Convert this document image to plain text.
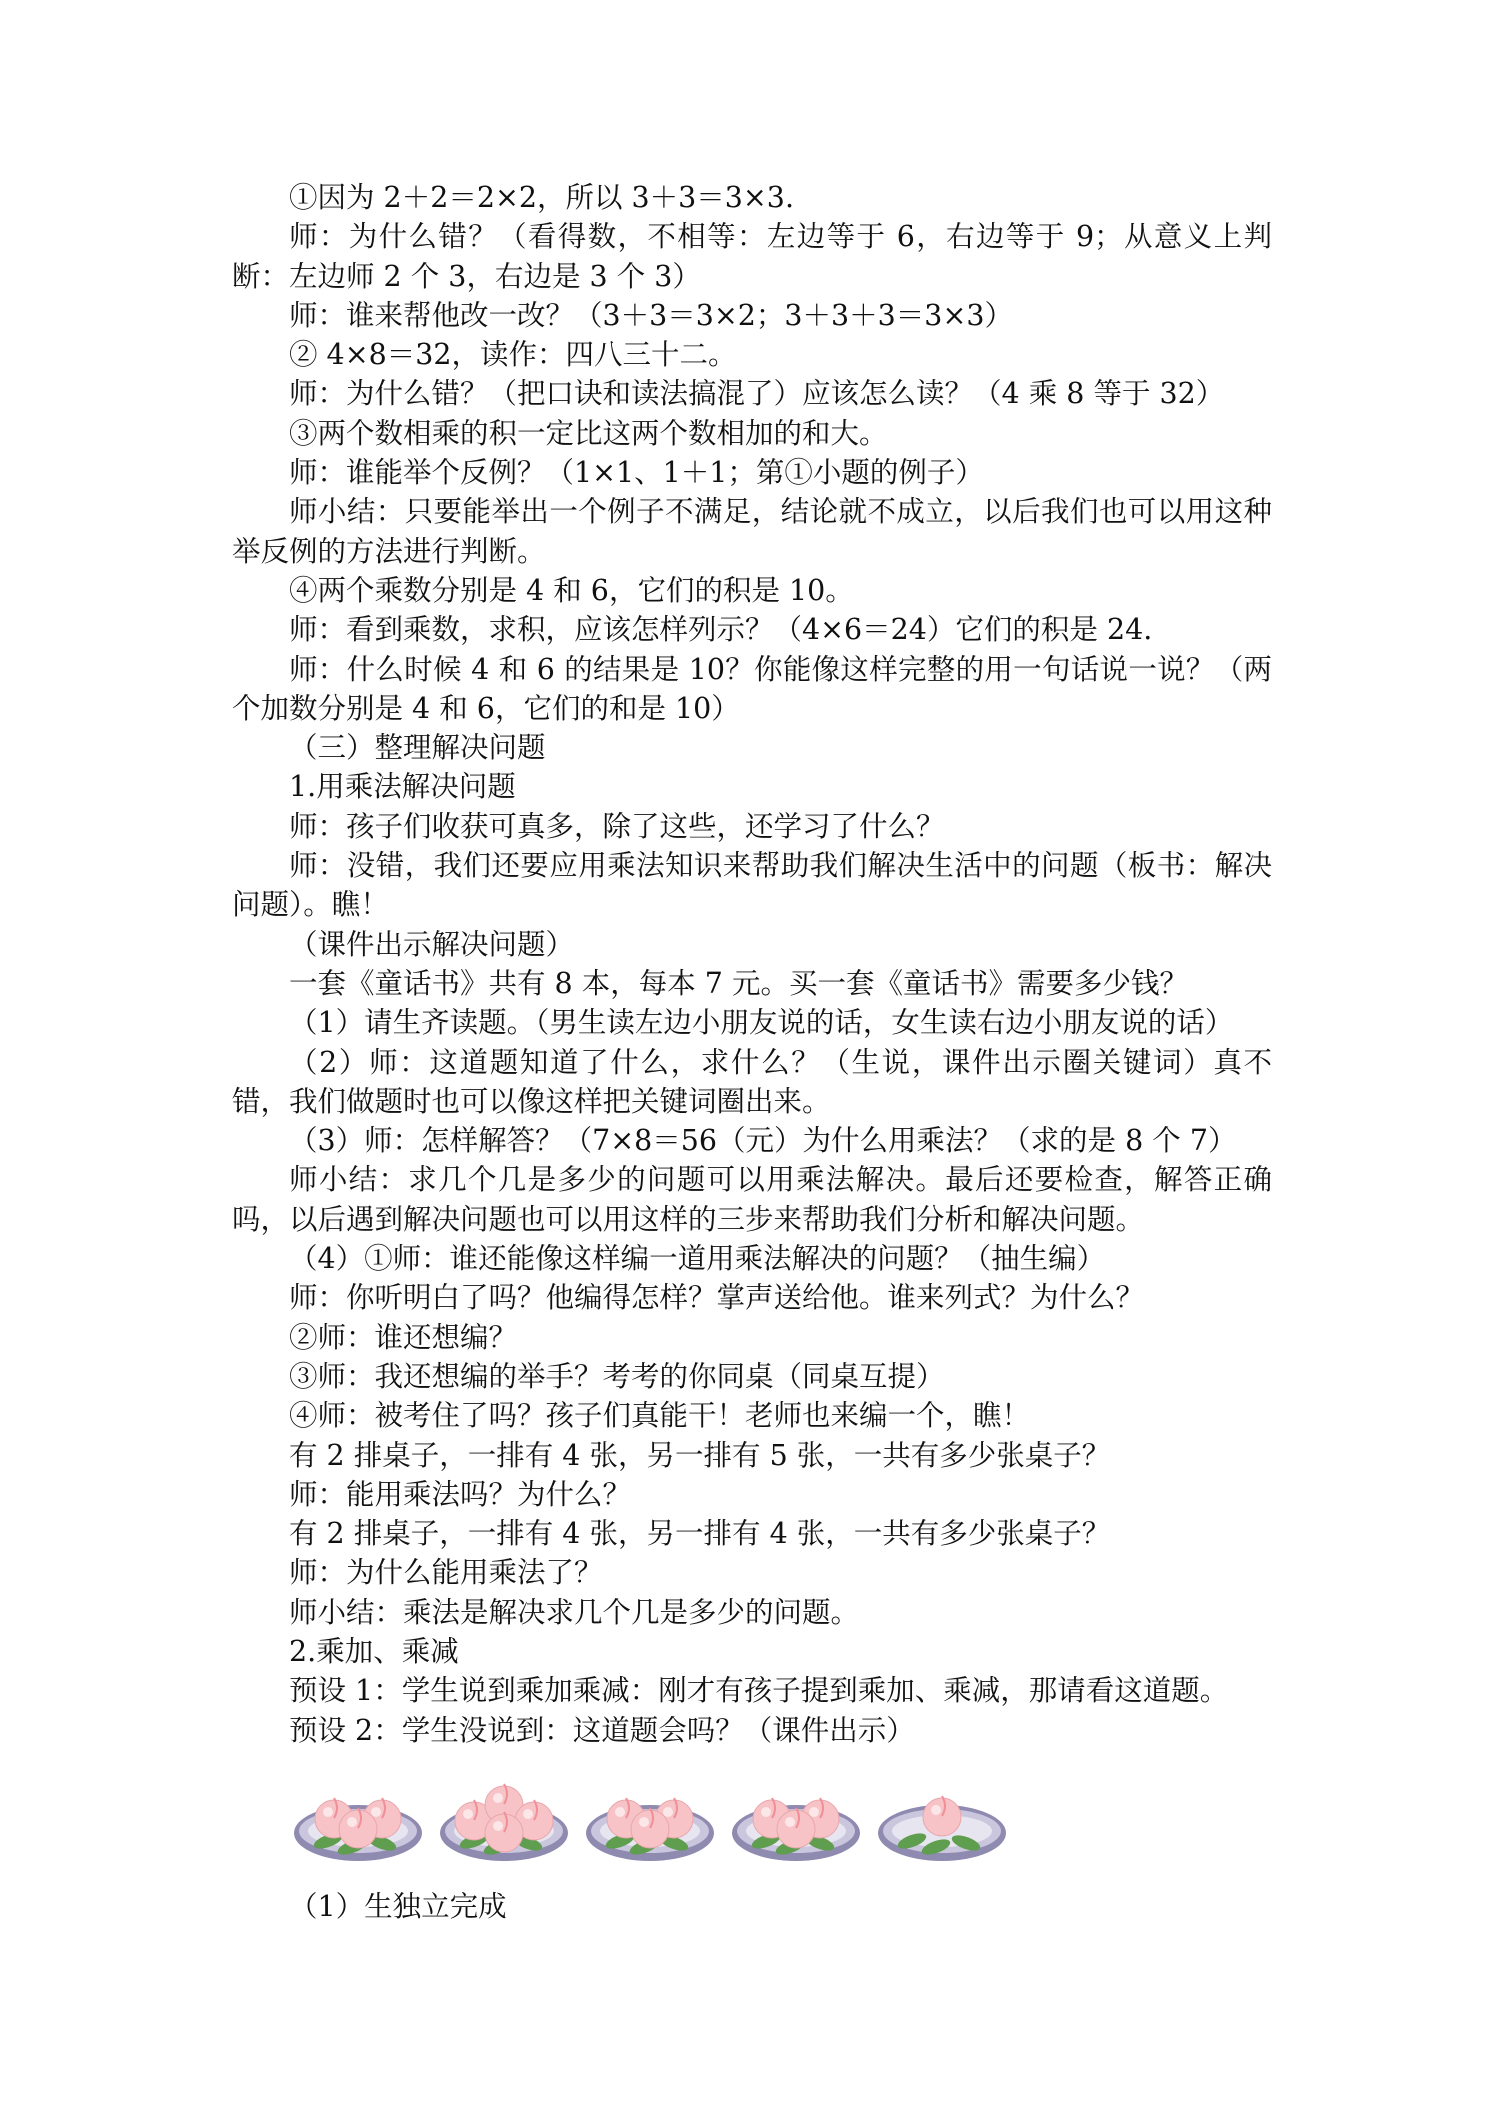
①因为 2＋2＝2×2，所以 3＋3＝3×3.

师：为什么错？（看得数，不相等：左边等于 6，右边等于 9；从意义上判断：左边师 2 个 3，右边是 3 个 3）

师：谁来帮他改一改？（3＋3＝3×2；3＋3＋3＝3×3）

② 4×8＝32，读作：四八三十二。

师：为什么错？（把口诀和读法搞混了）应该怎么读？（4 乘 8 等于 32）

③两个数相乘的积一定比这两个数相加的和大。

师：谁能举个反例？（1×1、1＋1；第①小题的例子）

师小结：只要能举出一个例子不满足，结论就不成立，以后我们也可以用这种举反例的方法进行判断。

④两个乘数分别是 4 和 6，它们的积是 10。

师：看到乘数，求积，应该怎样列示？（4×6＝24）它们的积是 24.

师：什么时候 4 和 6 的结果是 10？你能像这样完整的用一句话说一说？（两个加数分别是 4 和 6，它们的和是 10）

（三）整理解决问题

1.用乘法解决问题

师：孩子们收获可真多，除了这些，还学习了什么？

师：没错，我们还要应用乘法知识来帮助我们解决生活中的问题（板书：解决问题）。瞧！

（课件出示解决问题）

一套《童话书》共有 8 本，每本 7 元。买一套《童话书》需要多少钱？

（1）请生齐读题。（男生读左边小朋友说的话，女生读右边小朋友说的话）

（2）师：这道题知道了什么，求什么？（生说，课件出示圈关键词）真不错，我们做题时也可以像这样把关键词圈出来。

（3）师：怎样解答？（7×8＝56（元）为什么用乘法？（求的是 8 个 7）

师小结：求几个几是多少的问题可以用乘法解决。最后还要检查，解答正确吗，以后遇到解决问题也可以用这样的三步来帮助我们分析和解决问题。

（4）①师：谁还能像这样编一道用乘法解决的问题？（抽生编）

师：你听明白了吗？他编得怎样？掌声送给他。谁来列式？为什么？

②师：谁还想编？

③师：我还想编的举手？考考的你同桌（同桌互提）

④师：被考住了吗？孩子们真能干！老师也来编一个，瞧！

有 2 排桌子，一排有 4 张，另一排有 5 张，一共有多少张桌子？

师：能用乘法吗？为什么？

有 2 排桌子，一排有 4 张，另一排有 4 张，一共有多少张桌子？

师：为什么能用乘法了？

师小结：乘法是解决求几个几是多少的问题。

2.乘加、乘减

预设 1：学生说到乘加乘减：刚才有孩子提到乘加、乘减，那请看这道题。

预设 2：学生没说到：这道题会吗？（课件出示）

（1）生独立完成
